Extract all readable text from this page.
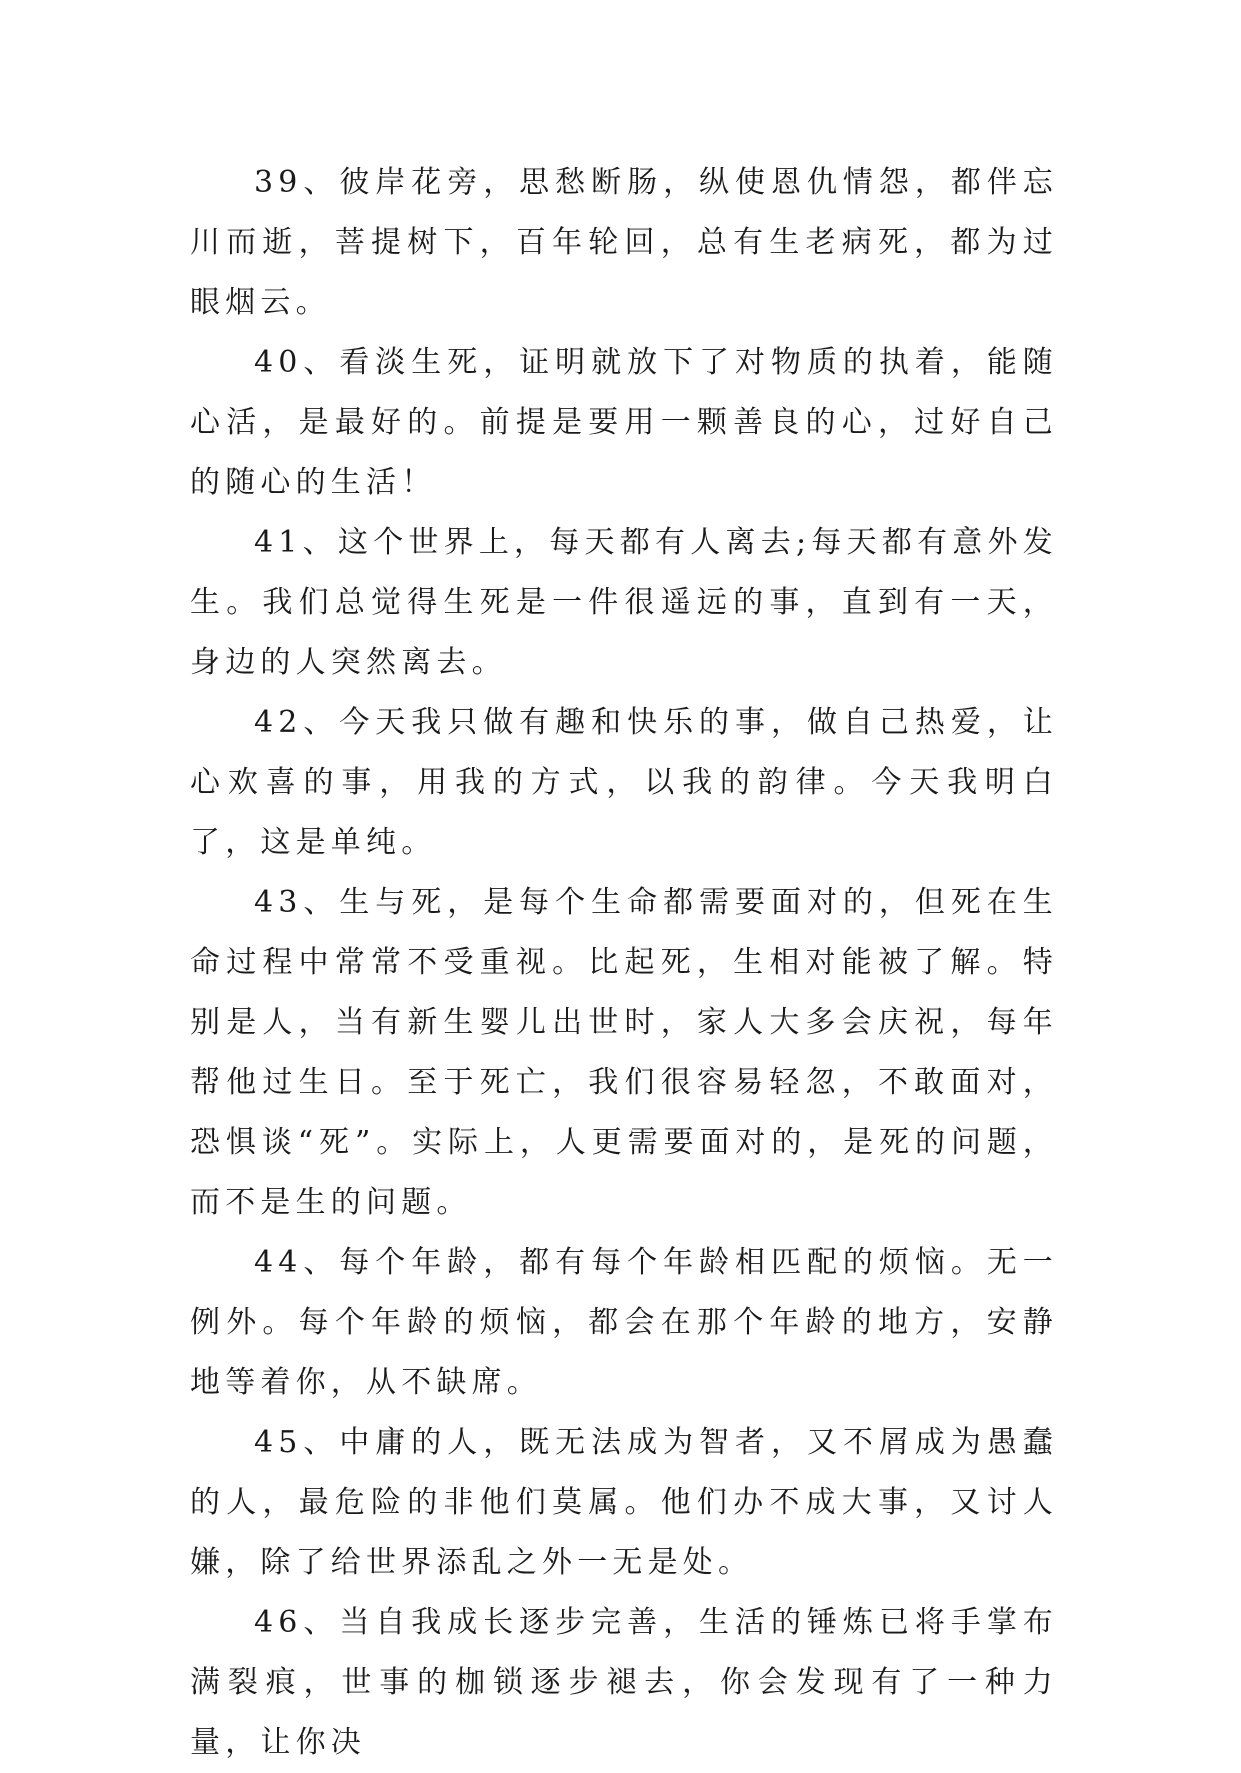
39、彼岸花旁，思愁断肠，纵使恩仇情怨，都伴忘川而逝，菩提树下，百年轮回，总有生老病死，都为过眼烟云。

40、看淡生死，证明就放下了对物质的执着，能随心活，是最好的。前提是要用一颗善良的心，过好自己的随心的生活！

41、这个世界上，每天都有人离去;每天都有意外发生。我们总觉得生死是一件很遥远的事，直到有一天，身边的人突然离去。

42、今天我只做有趣和快乐的事，做自己热爱，让心欢喜的事，用我的方式，以我的韵律。今天我明白了，这是单纯。

43、生与死，是每个生命都需要面对的，但死在生命过程中常常不受重视。比起死，生相对能被了解。特别是人，当有新生婴儿出世时，家人大多会庆祝，每年帮他过生日。至于死亡，我们很容易轻忽，不敢面对，恐惧谈“死”。实际上，人更需要面对的，是死的问题，而不是生的问题。

44、每个年龄，都有每个年龄相匹配的烦恼。无一例外。每个年龄的烦恼，都会在那个年龄的地方，安静地等着你，从不缺席。

45、中庸的人，既无法成为智者，又不屑成为愚蠢的人，最危险的非他们莫属。他们办不成大事，又讨人嫌，除了给世界添乱之外一无是处。

46、当自我成长逐步完善，生活的锤炼已将手掌布满裂痕，世事的枷锁逐步褪去，你会发现有了一种力量，让你决
